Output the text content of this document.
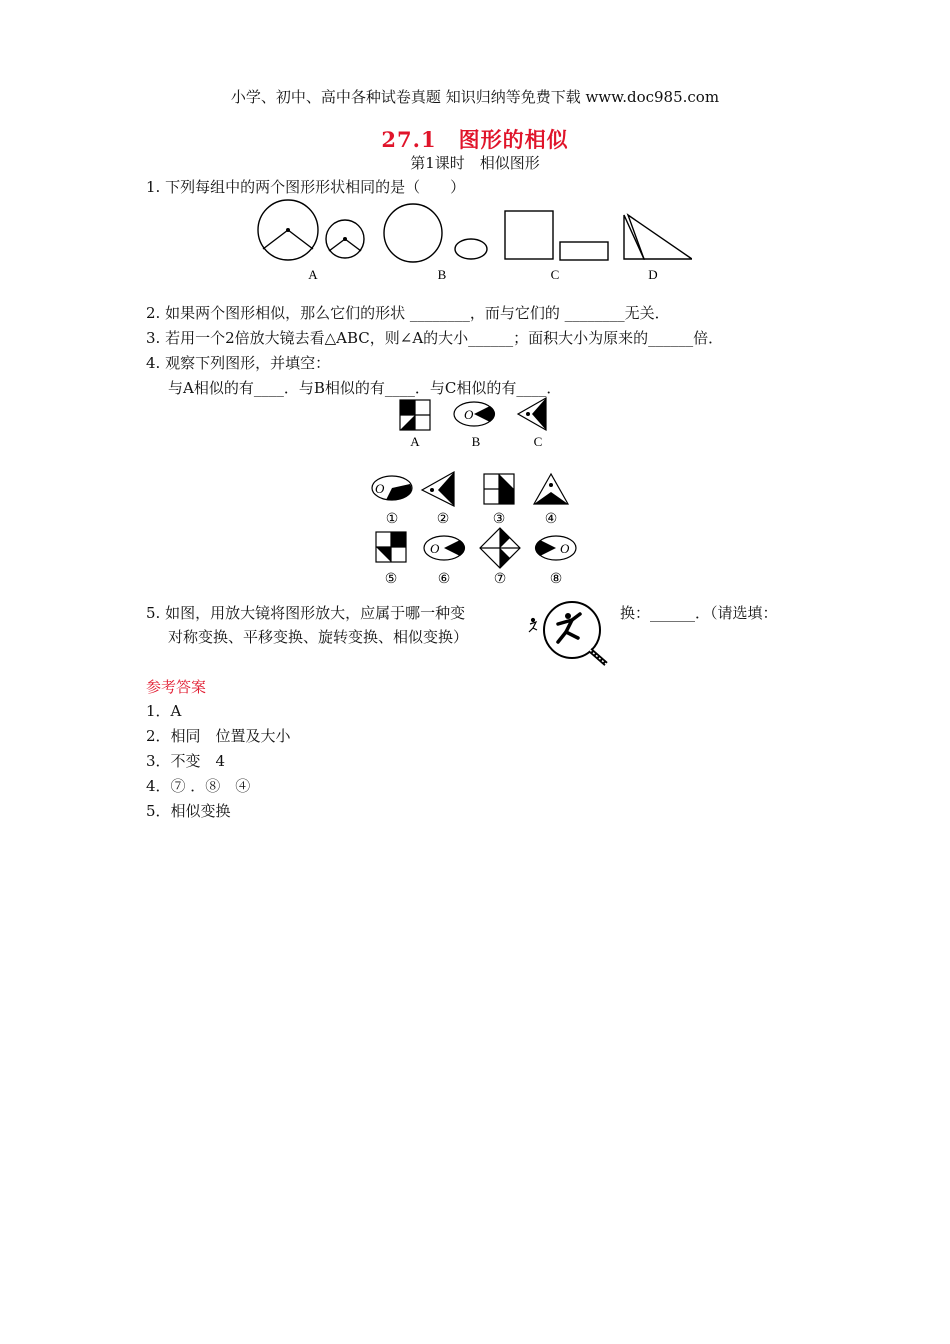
小学、初中、高中各种试卷真题 知识归纳等免费下载 www.doc985.com
27.1　图形的相似
第1课时　相似图形
1. 下列每组中的两个图形形状相同的是（　　）
A	B	C	D
2. 如果两个图形相似，那么它们的形状 ________，而与它们的 ________无关．
3. 若用一个2倍放大镜去看△ABC，则∠A的大小______；面积大小为原来的______倍．
4. 观察下列图形，并填空：
与A相似的有____．与B相似的有____．与C相似的有____．
O
A	B	C
O
O	O
①	②	③	④
⑤	⑥	⑦	⑧
5. 如图，用放大镜将图形放大，应属于哪一种变	换：______．（请选填：
对称变换、平移变换、旋转变换、相似变换）
参考答案
1．A
2．相同　位置及大小
3．不变　4
4．⑦ ．⑧　④
5．相似变换
